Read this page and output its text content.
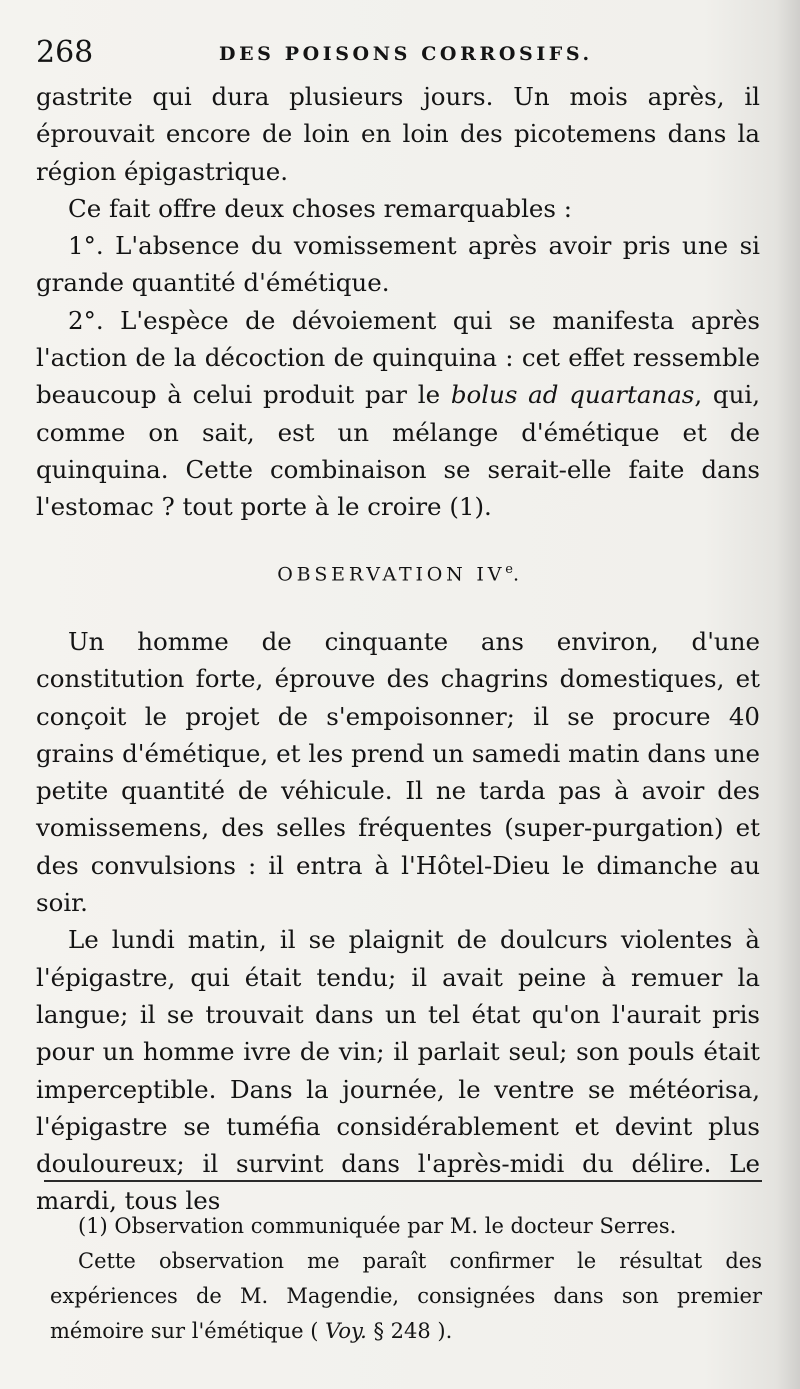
268	DES POISONS CORROSIFS.

gastrite qui dura plusieurs jours. Un mois après, il éprouvait encore de loin en loin des picotemens dans la région épigastrique.

Ce fait offre deux choses remarquables :

1°. L'absence du vomissement après avoir pris une si grande quantité d'émétique.

2°. L'espèce de dévoiement qui se manifesta après l'action de la décoction de quinquina : cet effet ressemble beaucoup à celui produit par le bolus ad quartanas, qui, comme on sait, est un mélange d'émétique et de quinquina. Cette combinaison se serait-elle faite dans l'estomac ? tout porte à le croire (1).

OBSERVATION IVe.

Un homme de cinquante ans environ, d'une constitution forte, éprouve des chagrins domestiques, et conçoit le projet de s'empoisonner; il se procure 40 grains d'émétique, et les prend un samedi matin dans une petite quantité de véhicule. Il ne tarda pas à avoir des vomissemens, des selles fréquentes (super-purgation) et des convulsions : il entra à l'Hôtel-Dieu le dimanche au soir.

Le lundi matin, il se plaignit de doulcurs violentes à l'épigastre, qui était tendu; il avait peine à remuer la langue; il se trouvait dans un tel état qu'on l'aurait pris pour un homme ivre de vin; il parlait seul; son pouls était imperceptible. Dans la journée, le ventre se météorisa, l'épigastre se tuméfia considérablement et devint plus douloureux; il survint dans l'après-midi du délire. Le mardi, tous les

(1) Observation communiquée par M. le docteur Serres.

Cette observation me paraît confirmer le résultat des expériences de M. Magendie, consignées dans son premier mémoire sur l'émétique ( Voy. § 248 ).
